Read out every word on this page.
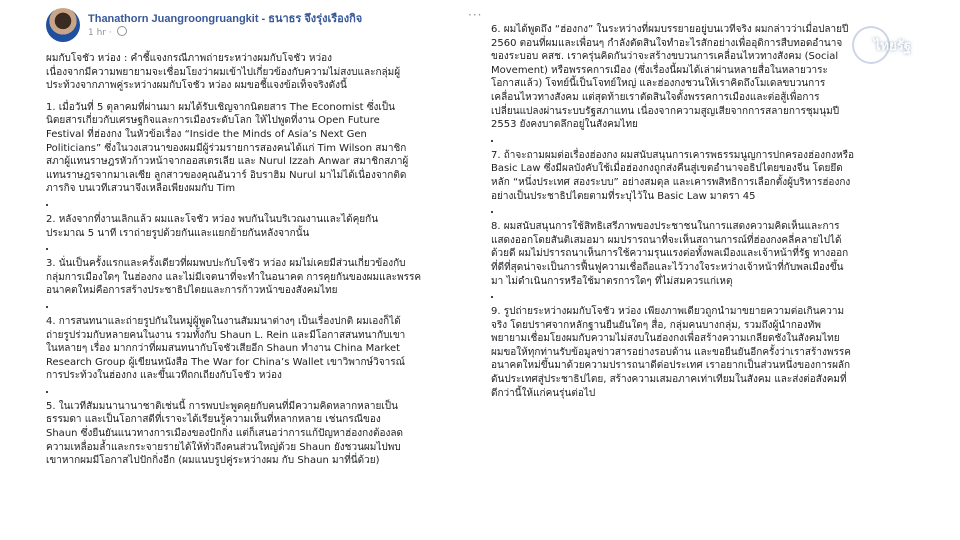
Thanathorn Juangroongruangkit - ธนาธร จึงรุ่งเรืองกิจ
1 hr ·
···

ผมกับโจชัว หว่อง : คำชี้แจงกรณีภาพถ่ายระหว่างผมกับโจชัว หว่อง
เนื่องจากมีความพยายามจะเชื่อมโยงว่าผมเข้าไปเกี่ยวข้องกับความไม่สงบและกลุ่มผู้
ประท้วงจากภาพคู่ระหว่างผมกับโจชัว หว่อง ผมขอชี้แจงข้อเท็จจริงดังนี้

1. เมื่อวันที่ 5 ตุลาคมที่ผ่านมา ผมได้รับเชิญจากนิตยสาร The Economist ซึ่งเป็น
นิตยสารเกี่ยวกับเศรษฐกิจและการเมืองระดับโลก ให้ไปพูดที่งาน Open Future
Festival ที่ฮ่องกง ในหัวข้อเรื่อง “Inside the Minds of Asia’s Next Gen
Politicians” ซึ่งในวงเสวนาของผมมีผู้ร่วมรายการสองคนได้แก่ Tim Wilson สมาชิก
สภาผู้แทนราษฎรหัวก้าวหน้าจากออสเตรเลีย และ Nurul Izzah Anwar สมาชิกสภาผู้
แทนราษฎรจากมาเลเซีย ลูกสาวของคุณอันวาร์ อิบราฮิม Nurul มาไม่ได้เนื่องจากติด
ภารกิจ บนเวทีเสวนาจึงเหลือเพียงผมกับ Tim

2. หลังจากที่งานเลิกแล้ว ผมและโจชัว หว่อง พบกันในบริเวณงานและได้คุยกัน
ประมาณ 5 นาที เราถ่ายรูปด้วยกันและแยกย้ายกันหลังจากนั้น

3. นั่นเป็นครั้งแรกและครั้งเดียวที่ผมพบปะกับโจชัว หว่อง ผมไม่เคยมีส่วนเกี่ยวข้องกับ
กลุ่มการเมืองใดๆ ในฮ่องกง และไม่มีเจตนาที่จะทำในอนาคต การคุยกันของผมและพรรค
อนาคตใหม่คือการสร้างประชาธิปไตยและการก้าวหน้าของสังคมไทย

4. การสนทนาและถ่ายรูปกันในหมู่ผู้พูดในงานสัมมนาต่างๆ เป็นเรื่องปกติ ผมเองก็ได้
ถ่ายรูปร่วมกับหลายคนในงาน รวมทั้งกับ Shaun L. Rein และมีโอกาสสนทนากับเขา
ในหลายๆ เรื่อง มากกว่าที่ผมสนทนากับโจชัวเสียอีก Shaun ทำงาน China Market
Research Group ผู้เขียนหนังสือ The War for China’s Wallet เขาวิพากษ์วิจารณ์
การประท้วงในฮ่องกง และขึ้นเวทีถกเถียงกับโจชัว หว่อง

5. ในเวทีสัมมนานานาชาติเช่นนี้ การพบปะพูดคุยกับคนที่มีความคิดหลากหลายเป็น
ธรรมดา และเป็นโอกาสดีที่เราจะได้เรียนรู้ความเห็นที่หลากหลาย เช่นกรณีของ
Shaun ซึ่งยืนยันแนวทางการเมืองของปักกิ่ง แต่ก็เสนอว่าการแก้ปัญหาฮ่องกงต้องลด
ความเหลื่อมล้ำและกระจายรายได้ให้ทั่วถึงคนส่วนใหญ่ด้วย Shaun ยังชวนผมไปพบ
เขาหากผมมีโอกาสไปปักกิ่งอีก (ผมแนบรูปคู่ระหว่างผม กับ Shaun มาที่นี่ด้วย)

6. ผมได้พูดถึง “ฮ่องกง” ในระหว่างที่ผมบรรยายอยู่บนเวทีจริง ผมกล่าวว่าเมื่อปลายปี
2560 ตอนที่ผมและเพื่อนๆ กำลังตัดสินใจทำอะไรสักอย่างเพื่ออุดิการสืบทอดอำนาจ
ของระบอบ คสช. เราครุ่นคิดกันว่าจะสร้างขบวนการเคลื่อนไหวทางสังคม (Social
Movement) หรือพรรคการเมือง (ซึ่งเรื่องนี้ผมได้เล่าผ่านหลายสื่อในหลายวาระ
โอกาสแล้ว) โจทย์นี้เป็นโจทย์ใหญ่ และฮ่องกงชวนให้เราคิดถึงโมเดลขบวนการ
เคลื่อนไหวทางสังคม แต่สุดท้ายเราตัดสินใจตั้งพรรคการเมืองและต่อสู้เพื่อการ
เปลี่ยนแปลงผ่านระบบรัฐสภาแทน เนื่องจากความสูญเสียจากการสลายการชุมนุมปี
2553 ยังคงบาดลึกอยู่ในสังคมไทย

7. ถ้าจะถามผมต่อเรื่องฮ่องกง ผมสนับสนุนการเคารพธรรมนูญการปกครองฮ่องกงหรือ
Basic Law ซึ่งมีผลบังคับใช้เมื่อฮ่องกงถูกส่งคืนสู่เขตอำนาจอธิปไตยของจีน โดยยึด
หลัก “หนึ่งประเทศ สองระบบ” อย่างสมดุล และเคารพสิทธิการเลือกตั้งผู้บริหารฮ่องกง
อย่างเป็นประชาธิปไตยตามที่ระบุไว้ใน Basic Law มาตรา 45

8. ผมสนับสนุนการใช้สิทธิเสรีภาพของประชาชนในการแสดงความคิดเห็นและการ
แสดงออกโดยสันติเสมอมา ผมปรารถนาที่จะเห็นสถานการณ์ที่ฮ่องกงคลี่คลายไปได้
ด้วยดี ผมไม่ปรารถนาเห็นการใช้ความรุนแรงต่อทั้งพลเมืองและเจ้าหน้าที่รัฐ ทางออก
ที่ดีที่สุดน่าจะเป็นการฟื้นฟูความเชื่อถือและไว้วางใจระหว่างเจ้าหน้าที่กับพลเมืองขึ้น
มา ไม่ดำเนินการหรือใช้มาตรการใดๆ ที่ไม่สมควรแก่เหตุ

9. รูปถ่ายระหว่างผมกับโจชัว หว่อง เพียงภาพเดียวถูกนำมาขยายความต่อเกินความ
จริง โดยปราศจากหลักฐานยืนยันใดๆ สื่อ, กลุ่มคนบางกลุ่ม, รวมถึงผู้นำกองทัพ
พยายามเชื่อมโยงผมกับความไม่สงบในฮ่องกงเพื่อสร้างความเกลียดชังในสังคมไทย
ผมขอให้ทุกท่านรับข้อมูลข่าวสารอย่างรอบด้าน และขอยืนยันอีกครั้งว่าเราสร้างพรรค
อนาคตใหม่ขึ้นมาด้วยความปรารถนาดีต่อประเทศ เราอยากเป็นส่วนหนึ่งของการผลัก
ดันประเทศสู่ประชาธิปไตย, สร้างความเสมอภาคเท่าเทียมในสังคม และส่งต่อสังคมที่
ดีกว่านี้ให้แก่คนรุ่นต่อไป

ไทยรัฐ
